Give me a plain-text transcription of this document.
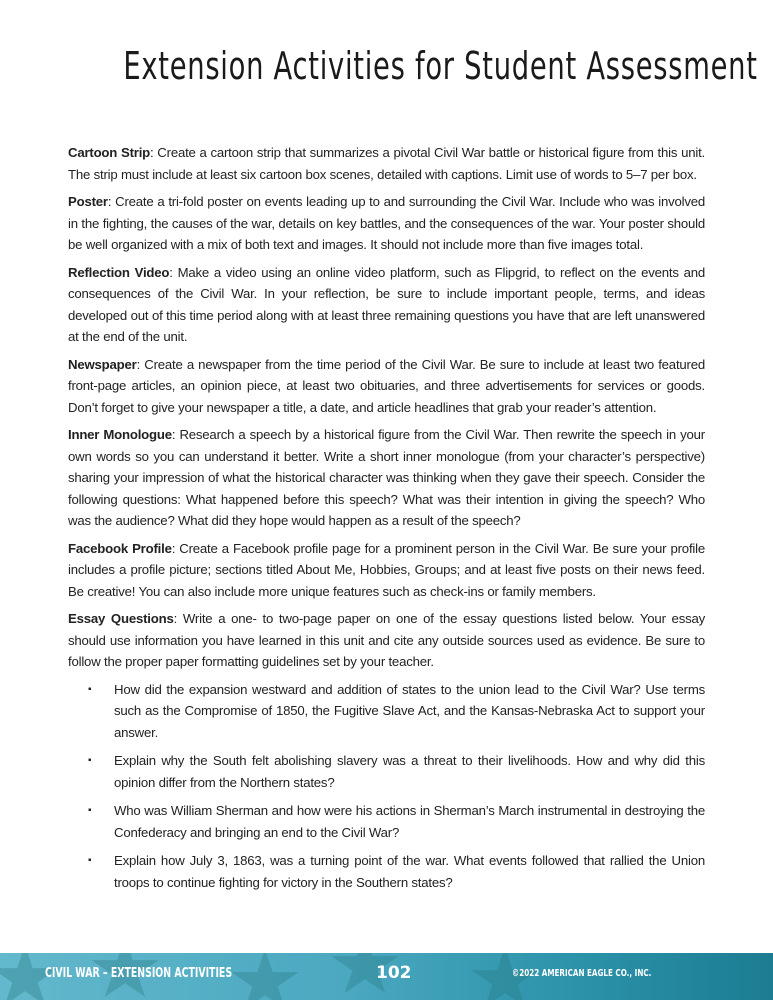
Extension Activities for Student Assessment

Cartoon Strip: Create a cartoon strip that summarizes a pivotal Civil War battle or historical figure from this unit. The strip must include at least six cartoon box scenes, detailed with captions. Limit use of words to 5–7 per box.

Poster: Create a tri-fold poster on events leading up to and surrounding the Civil War. Include who was involved in the fighting, the causes of the war, details on key battles, and the consequences of the war. Your poster should be well organized with a mix of both text and images. It should not include more than five images total.

Reflection Video: Make a video using an online video platform, such as Flipgrid, to reflect on the events and consequences of the Civil War. In your reflection, be sure to include important people, terms, and ideas developed out of this time period along with at least three remaining questions you have that are left unanswered at the end of the unit.

Newspaper: Create a newspaper from the time period of the Civil War. Be sure to include at least two featured front-page articles, an opinion piece, at least two obituaries, and three advertisements for services or goods. Don’t forget to give your newspaper a title, a date, and article headlines that grab your reader’s attention.

Inner Monologue: Research a speech by a historical figure from the Civil War. Then rewrite the speech in your own words so you can understand it better. Write a short inner monologue (from your character’s perspective) sharing your impression of what the historical character was thinking when they gave their speech. Consider the following questions: What happened before this speech? What was their intention in giving the speech? Who was the audience? What did they hope would happen as a result of the speech?

Facebook Profile: Create a Facebook profile page for a prominent person in the Civil War. Be sure your profile includes a profile picture; sections titled About Me, Hobbies, Groups; and at least five posts on their news feed. Be creative! You can also include more unique features such as check-ins or family members.

Essay Questions: Write a one- to two-page paper on one of the essay questions listed below. Your essay should use information you have learned in this unit and cite any outside sources used as evidence. Be sure to follow the proper paper formatting guidelines set by your teacher.

▪ How did the expansion westward and addition of states to the union lead to the Civil War? Use terms such as the Compromise of 1850, the Fugitive Slave Act, and the Kansas-Nebraska Act to support your answer.
▪ Explain why the South felt abolishing slavery was a threat to their livelihoods. How and why did this opinion differ from the Northern states?
▪ Who was William Sherman and how were his actions in Sherman’s March instrumental in destroying the Confederacy and bringing an end to the Civil War?
▪ Explain how July 3, 1863, was a turning point of the war. What events followed that rallied the Union troops to continue fighting for victory in the Southern states?
CIVIL WAR – EXTENSION ACTIVITIES	102	©2022 AMERICAN EAGLE CO., INC.
